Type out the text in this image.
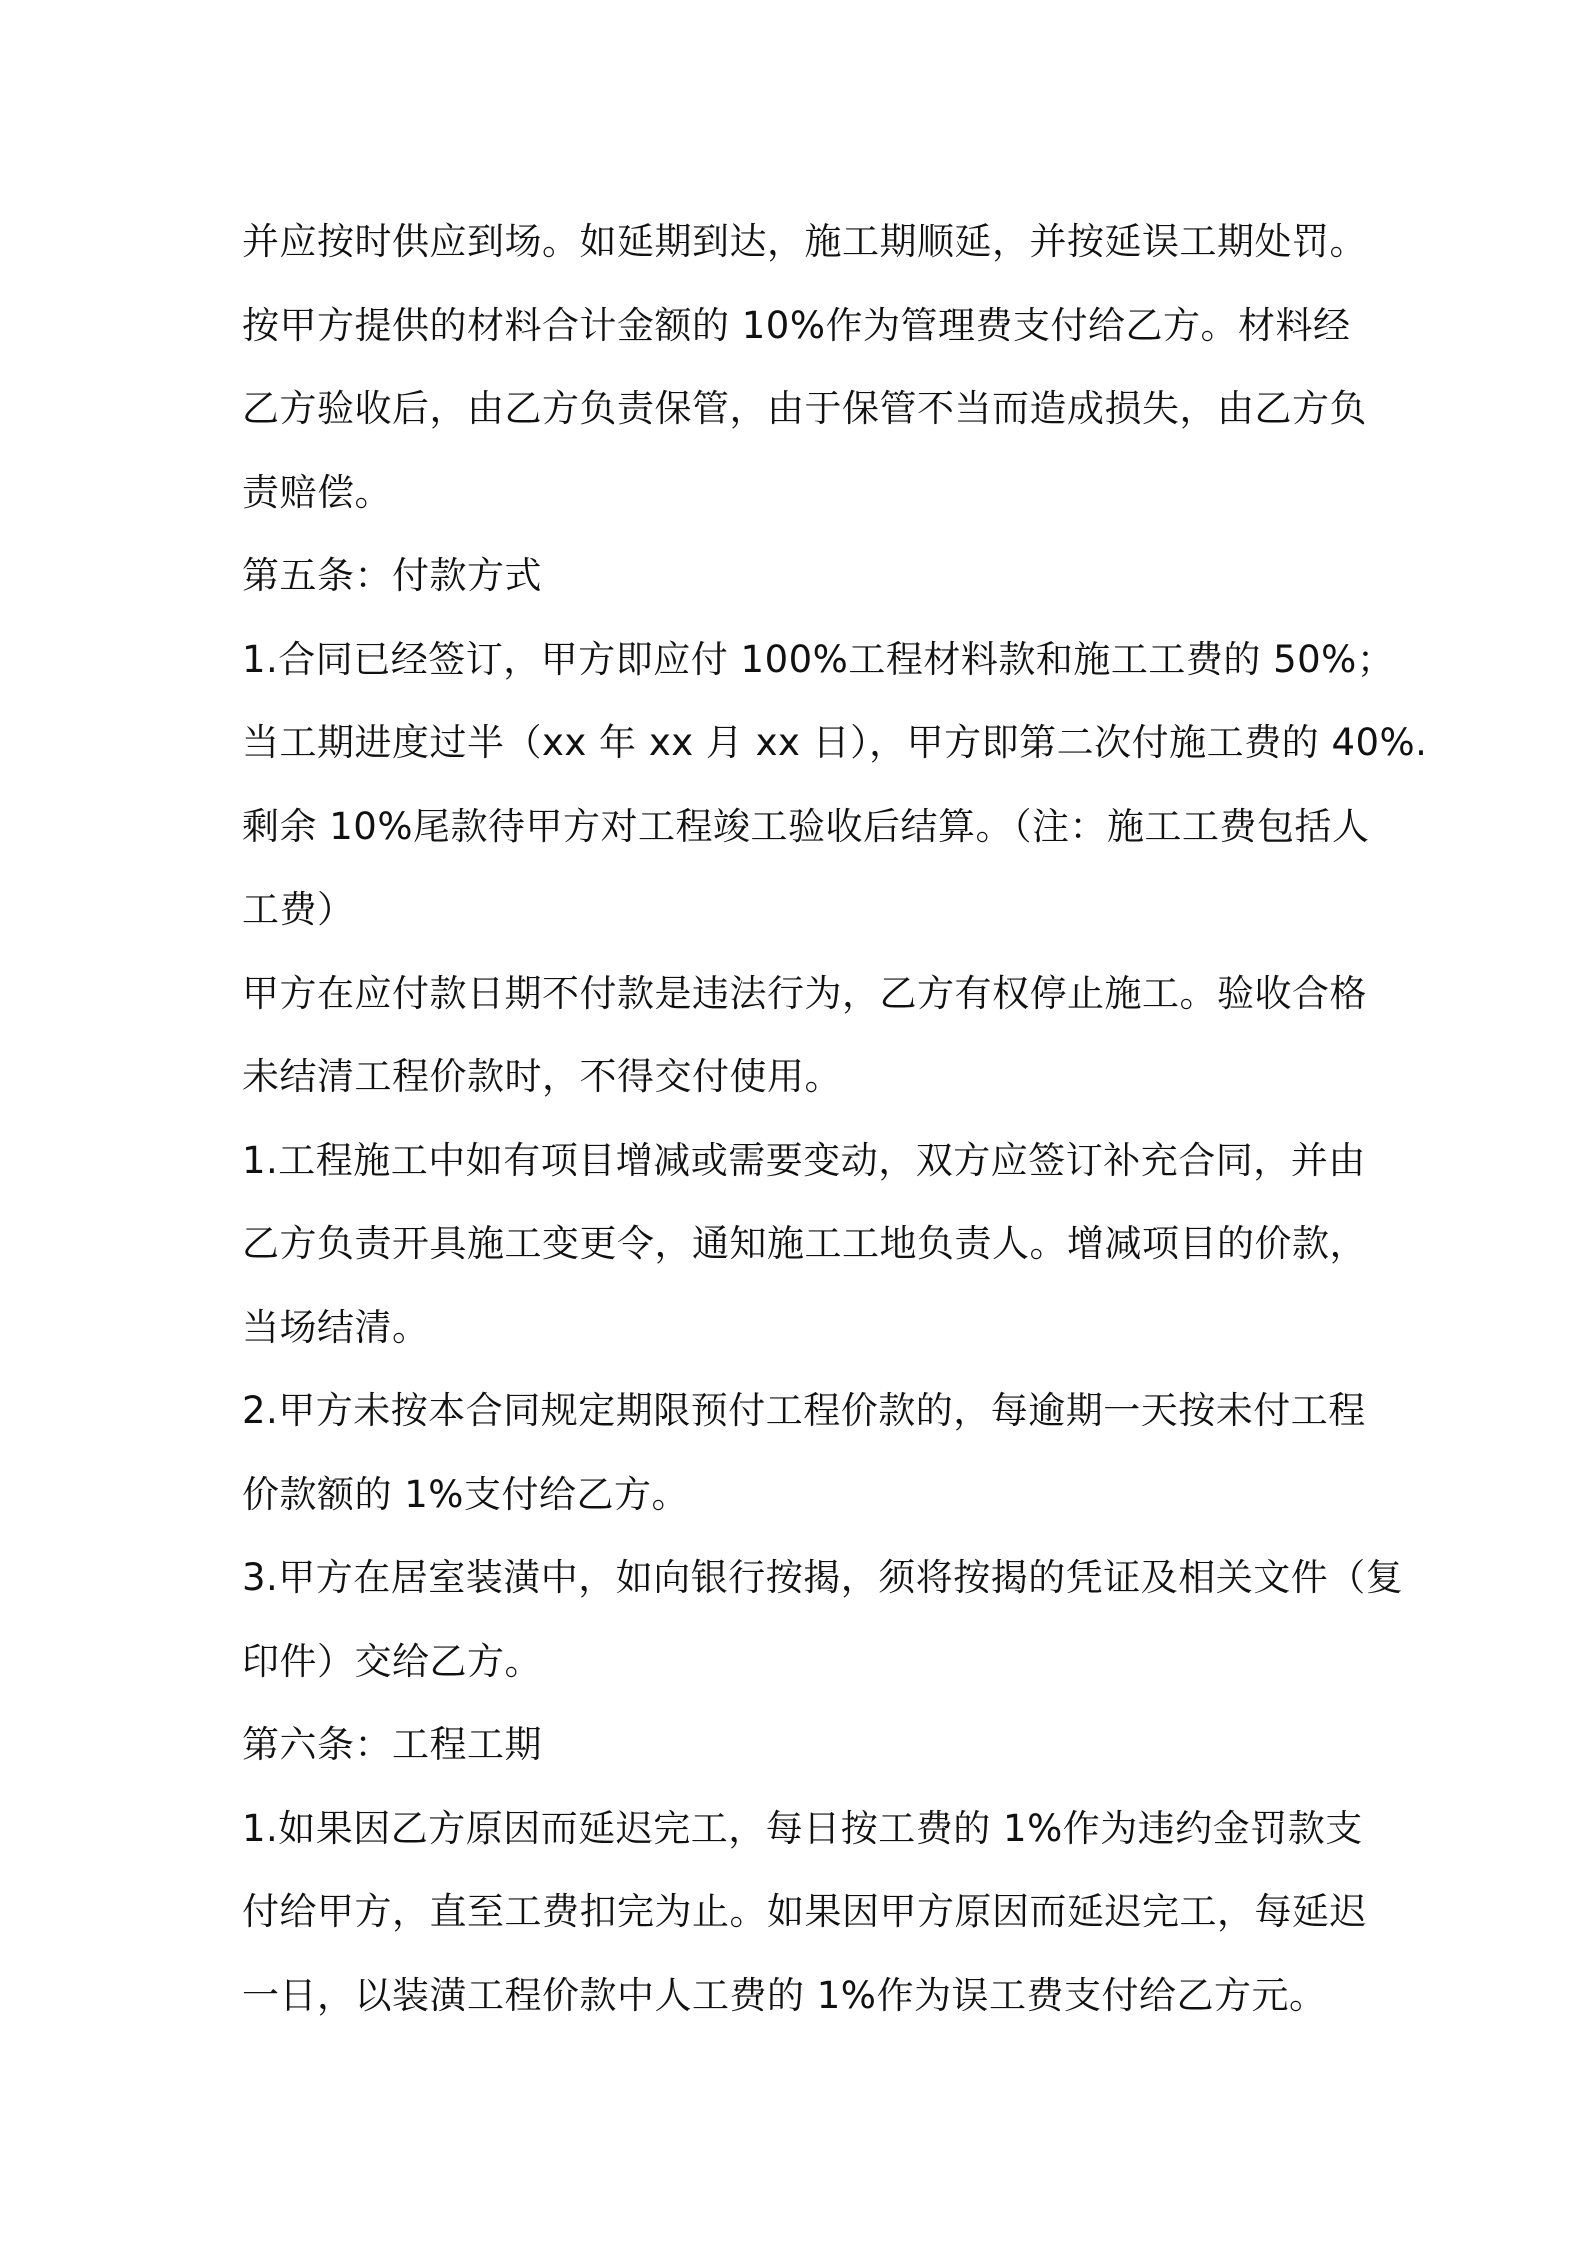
并应按时供应到场。如延期到达，施工期顺延，并按延误工期处罚。
按甲方提供的材料合计金额的 10%作为管理费支付给乙方。材料经
乙方验收后，由乙方负责保管，由于保管不当而造成损失，由乙方负
责赔偿。
第五条：付款方式
1.合同已经签订，甲方即应付 100%工程材料款和施工工费的 50%；
当工期进度过半（xx 年 xx 月 xx 日），甲方即第二次付施工费的 40%.
剩余 10%尾款待甲方对工程竣工验收后结算。（注：施工工费包括人
工费）
甲方在应付款日期不付款是违法行为，乙方有权停止施工。验收合格
未结清工程价款时，不得交付使用。
1.工程施工中如有项目增减或需要变动，双方应签订补充合同，并由
乙方负责开具施工变更令，通知施工工地负责人。增减项目的价款，
当场结清。
2.甲方未按本合同规定期限预付工程价款的，每逾期一天按未付工程
价款额的 1%支付给乙方。
3.甲方在居室装潢中，如向银行按揭，须将按揭的凭证及相关文件（复
印件）交给乙方。
第六条：工程工期
1.如果因乙方原因而延迟完工，每日按工费的 1%作为违约金罚款支
付给甲方，直至工费扣完为止。如果因甲方原因而延迟完工，每延迟
一日，以装潢工程价款中人工费的 1%作为误工费支付给乙方元。
